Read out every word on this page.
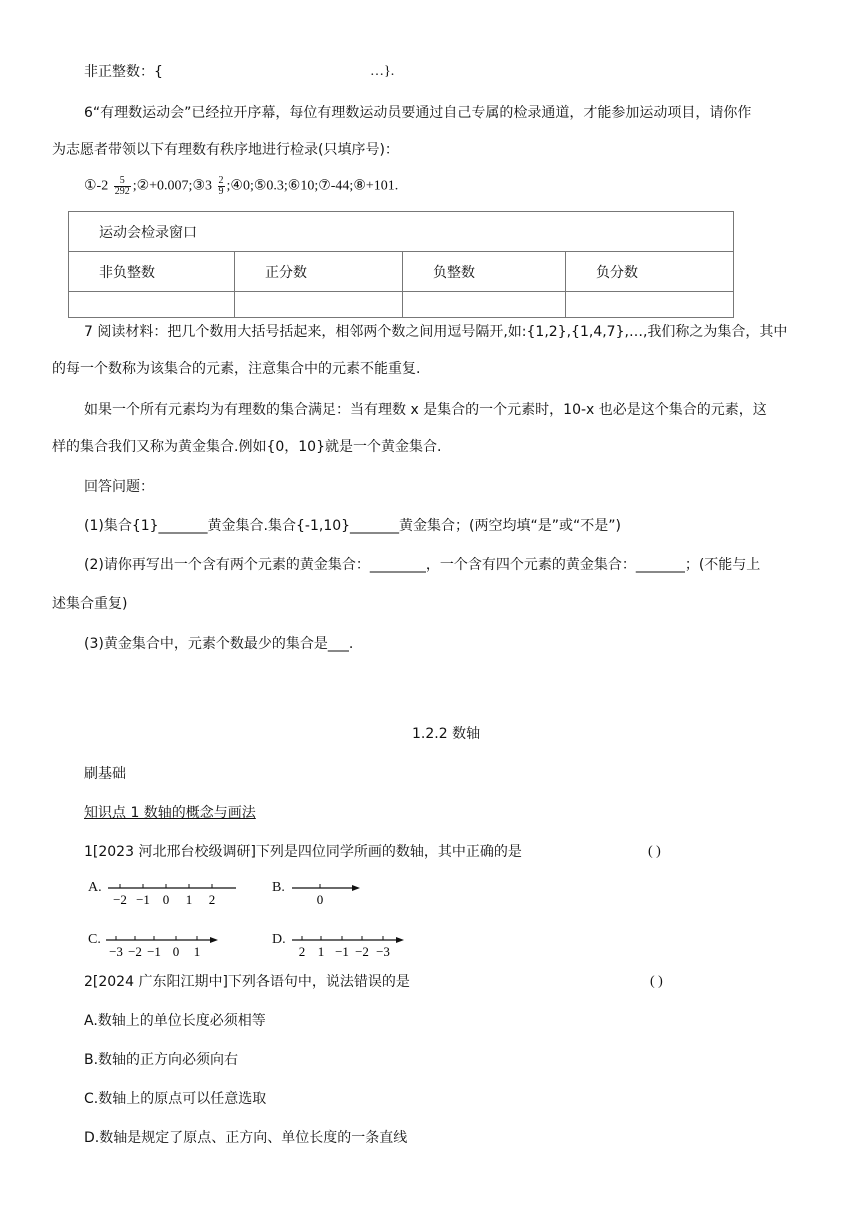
非正整数：{	…}.
6“有理数运动会”已经拉开序幕，每位有理数运动员要通过自己专属的检录通道，才能参加运动项目，请你作
为志愿者带领以下有理数有秩序地进行检录(只填序号)：
①-2 $\frac{5}{292}$ ;②+0.007;③3 $\frac{2}{9}$ ;④0;⑤0.3;⑥10;⑦-44;⑧+101.
运动会检录窗口			
非负整数	正分数	负整数	负分数

7 阅读材料：把几个数用大括号括起来，相邻两个数之间用逗号隔开,如:{1,2},{1,4,7},…,我们称之为集合，其中
的每一个数称为该集合的元素，注意集合中的元素不能重复.
如果一个所有元素均为有理数的集合满足：当有理数 x 是集合的一个元素时，10-x 也必是这个集合的元素，这
样的集合我们又称为黄金集合.例如{0，10}就是一个黄金集合.
回答问题：
(1)集合{1}_______黄金集合.集合{-1,10}_______黄金集合；(两空均填“是”或“不是”)
(2)请你再写出一个含有两个元素的黄金集合：________，一个含有四个元素的黄金集合：_______；(不能与上
述集合重复)
(3)黄金集合中，元素个数最少的集合是___.
1.2.2 数轴
刷基础
知识点 1 数轴的概念与画法
1[2023 河北邢台校级调研]下列是四位同学所画的数轴，其中正确的是	( )
A.
−2 −1 0 1 2
B.
0
C.
−3 −2 −1 0 1
D.
2 1 −1 −2 −3
2[2024 广东阳江期中]下列各语句中，说法错误的是	( )
A.数轴上的单位长度必须相等
B.数轴的正方向必须向右
C.数轴上的原点可以任意选取
D.数轴是规定了原点、正方向、单位长度的一条直线
